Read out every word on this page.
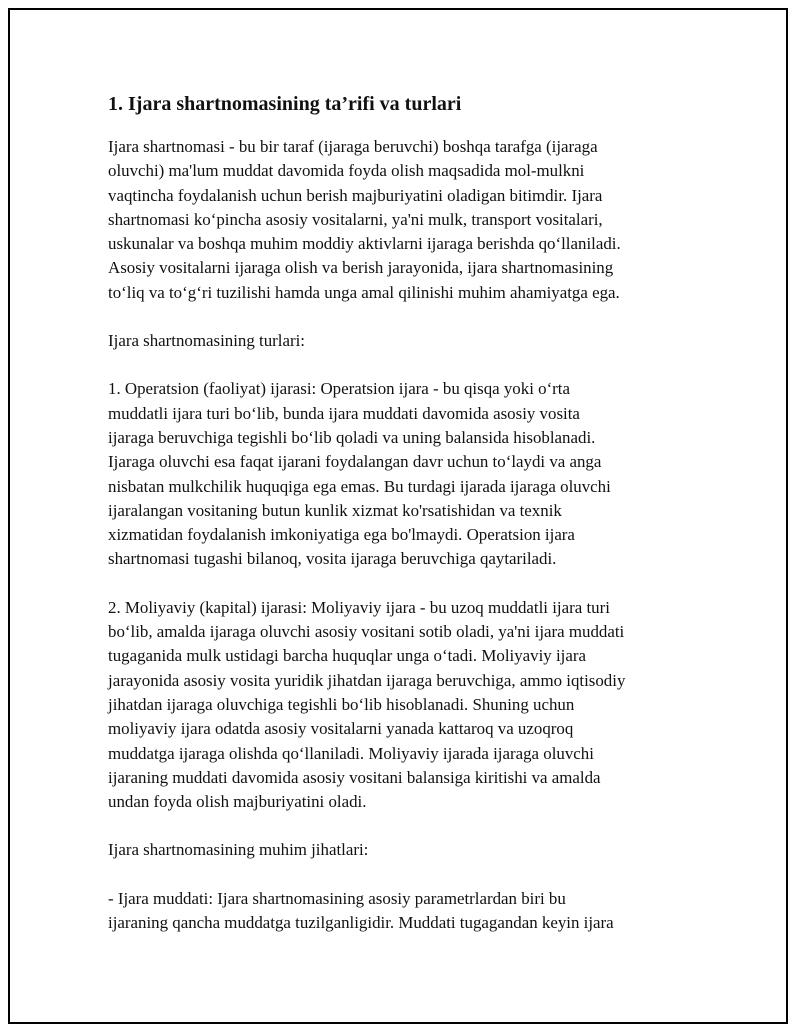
1. Ijara shartnomasining ta’rifi va turlari

Ijara shartnomasi - bu bir taraf (ijaraga beruvchi) boshqa tarafga (ijaraga
oluvchi) ma'lum muddat davomida foyda olish maqsadida mol-mulkni
vaqtincha foydalanish uchun berish majburiyatini oladigan bitimdir. Ijara
shartnomasi koʻpincha asosiy vositalarni, ya'ni mulk, transport vositalari,
uskunalar va boshqa muhim moddiy aktivlarni ijaraga berishda qoʻllaniladi.
Asosiy vositalarni ijaraga olish va berish jarayonida, ijara shartnomasining
toʻliq va toʻgʻri tuzilishi hamda unga amal qilinishi muhim ahamiyatga ega.

Ijara shartnomasining turlari:

1. Operatsion (faoliyat) ijarasi: Operatsion ijara - bu qisqa yoki oʻrta
muddatli ijara turi boʻlib, bunda ijara muddati davomida asosiy vosita
ijaraga beruvchiga tegishli boʻlib qoladi va uning balansida hisoblanadi.
Ijaraga oluvchi esa faqat ijarani foydalangan davr uchun toʻlaydi va anga
nisbatan mulkchilik huquqiga ega emas. Bu turdagi ijarada ijaraga oluvchi
ijaralangan vositaning butun kunlik xizmat ko'rsatishidan va texnik
xizmatidan foydalanish imkoniyatiga ega bo'lmaydi. Operatsion ijara
shartnomasi tugashi bilanoq, vosita ijaraga beruvchiga qaytariladi.

2. Moliyaviy (kapital) ijarasi: Moliyaviy ijara - bu uzoq muddatli ijara turi
boʻlib, amalda ijaraga oluvchi asosiy vositani sotib oladi, ya'ni ijara muddati
tugaganida mulk ustidagi barcha huquqlar unga oʻtadi. Moliyaviy ijara
jarayonida asosiy vosita yuridik jihatdan ijaraga beruvchiga, ammo iqtisodiy
jihatdan ijaraga oluvchiga tegishli boʻlib hisoblanadi. Shuning uchun
moliyaviy ijara odatda asosiy vositalarni yanada kattaroq va uzoqroq
muddatga ijaraga olishda qoʻllaniladi. Moliyaviy ijarada ijaraga oluvchi
ijaraning muddati davomida asosiy vositani balansiga kiritishi va amalda
undan foyda olish majburiyatini oladi.

Ijara shartnomasining muhim jihatlari:

- Ijara muddati: Ijara shartnomasining asosiy parametrlardan biri bu
ijaraning qancha muddatga tuzilganligidir. Muddati tugagandan keyin ijara
